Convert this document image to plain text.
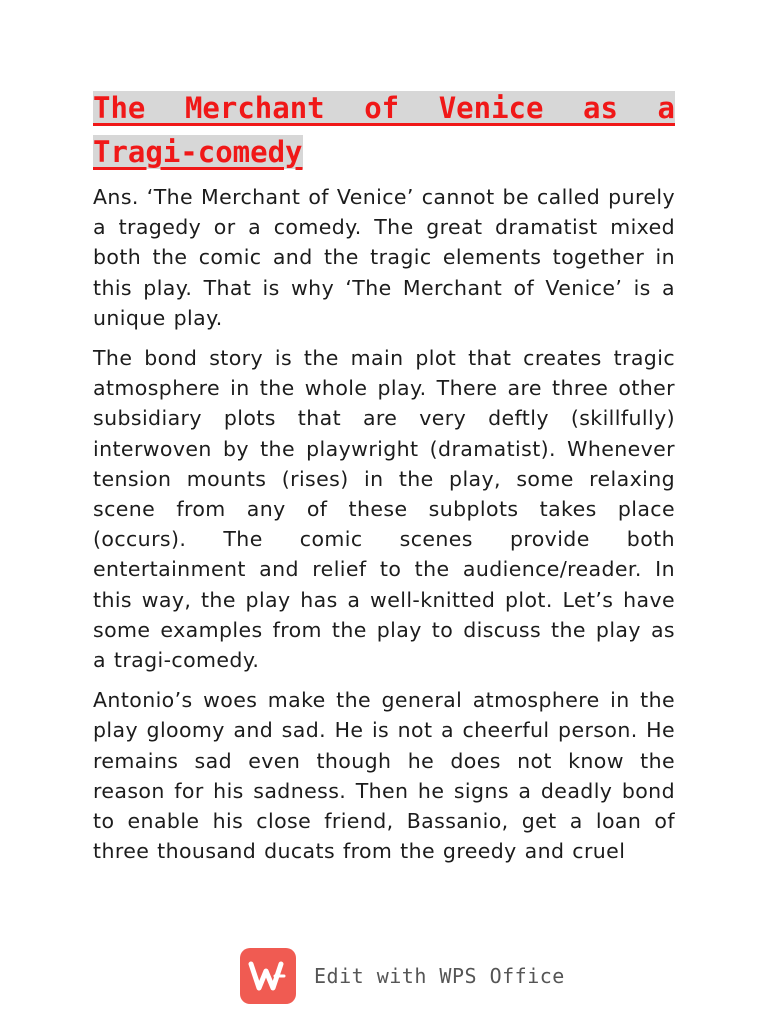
The Merchant of Venice as a
Tragi-comedy

Ans. ‘The Merchant of Venice’ cannot be called purely a tragedy or a comedy. The great dramatist mixed both the comic and the tragic elements together in this play. That is why ‘The Merchant of Venice’ is a unique play.

The bond story is the main plot that creates tragic atmosphere in the whole play. There are three other subsidiary plots that are very deftly (skillfully) interwoven by the playwright (dramatist). Whenever tension mounts (rises) in the play, some relaxing scene from any of these subplots takes place (occurs). The comic scenes provide both entertainment and relief to the audience/reader. In this way, the play has a well-knitted plot. Let’s have some examples from the play to discuss the play as a tragi-comedy.

Antonio’s woes make the general atmosphere in the play gloomy and sad. He is not a cheerful person. He remains sad even though he does not know the reason for his sadness. Then he signs a deadly bond to enable his close friend, Bassanio, get a loan of three thousand ducats from the greedy and cruel

Edit with WPS Office
